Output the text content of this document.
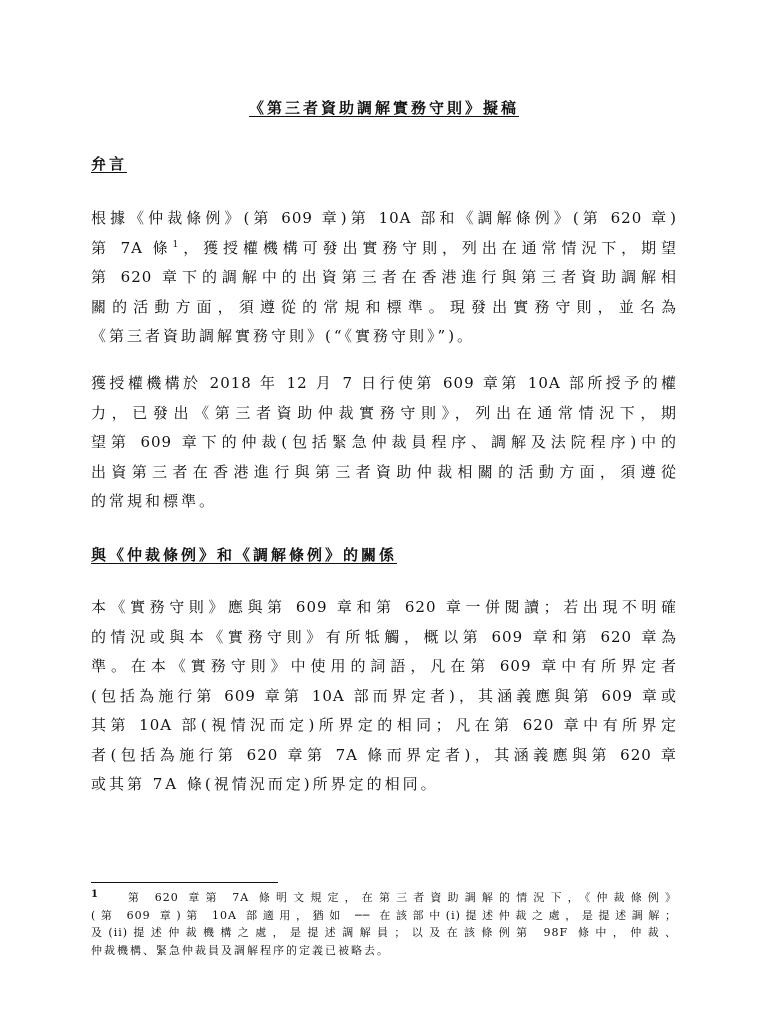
《第三者資助調解實務守則》擬稿
弁言
根據《仲裁條例》(第 609 章)第 10A 部和《調解條例》(第 620 章)
第 7A 條$^1$，獲授權機構可發出實務守則，列出在通常情況下，期望
第 620 章下的調解中的出資第三者在香港進行與第三者資助調解相
關的活動方面，須遵從的常規和標準。現發出實務守則，並名為
《第三者資助調解實務守則》(“《實務守則》”)。
獲授權機構於 2018 年 12 月 7 日行使第 609 章第 10A 部所授予的權
力，已發出《第三者資助仲裁實務守則》，列出在通常情況下，期
望第 609 章下的仲裁(包括緊急仲裁員程序、調解及法院程序)中的
出資第三者在香港進行與第三者資助仲裁相關的活動方面，須遵從
的常規和標準。
與《仲裁條例》和《調解條例》的關係
本《實務守則》應與第 609 章和第 620 章一併閱讀；若出現不明確
的情況或與本《實務守則》有所牴觸，概以第 609 章和第 620 章為
準。在本《實務守則》中使用的詞語，凡在第 609 章中有所界定者
(包括為施行第 609 章第 10A 部而界定者)，其涵義應與第 609 章或
其第 10A 部(視情況而定)所界定的相同；凡在第 620 章中有所界定
者(包括為施行第 620 章第 7A 條而界定者)，其涵義應與第 620 章
或其第 7A 條(視情況而定)所界定的相同。
1	第 620 章第 7A 條明文規定，在第三者資助調解的情況下，《仲裁條例》
(第 609 章)第 10A 部適用，猶如 ── 在該部中(i)提述仲裁之處，是提述調解；
及(ii)提述仲裁機構之處，是提述調解員；以及在該條例第 98F 條中，仲裁、
仲裁機構、緊急仲裁員及調解程序的定義已被略去。
